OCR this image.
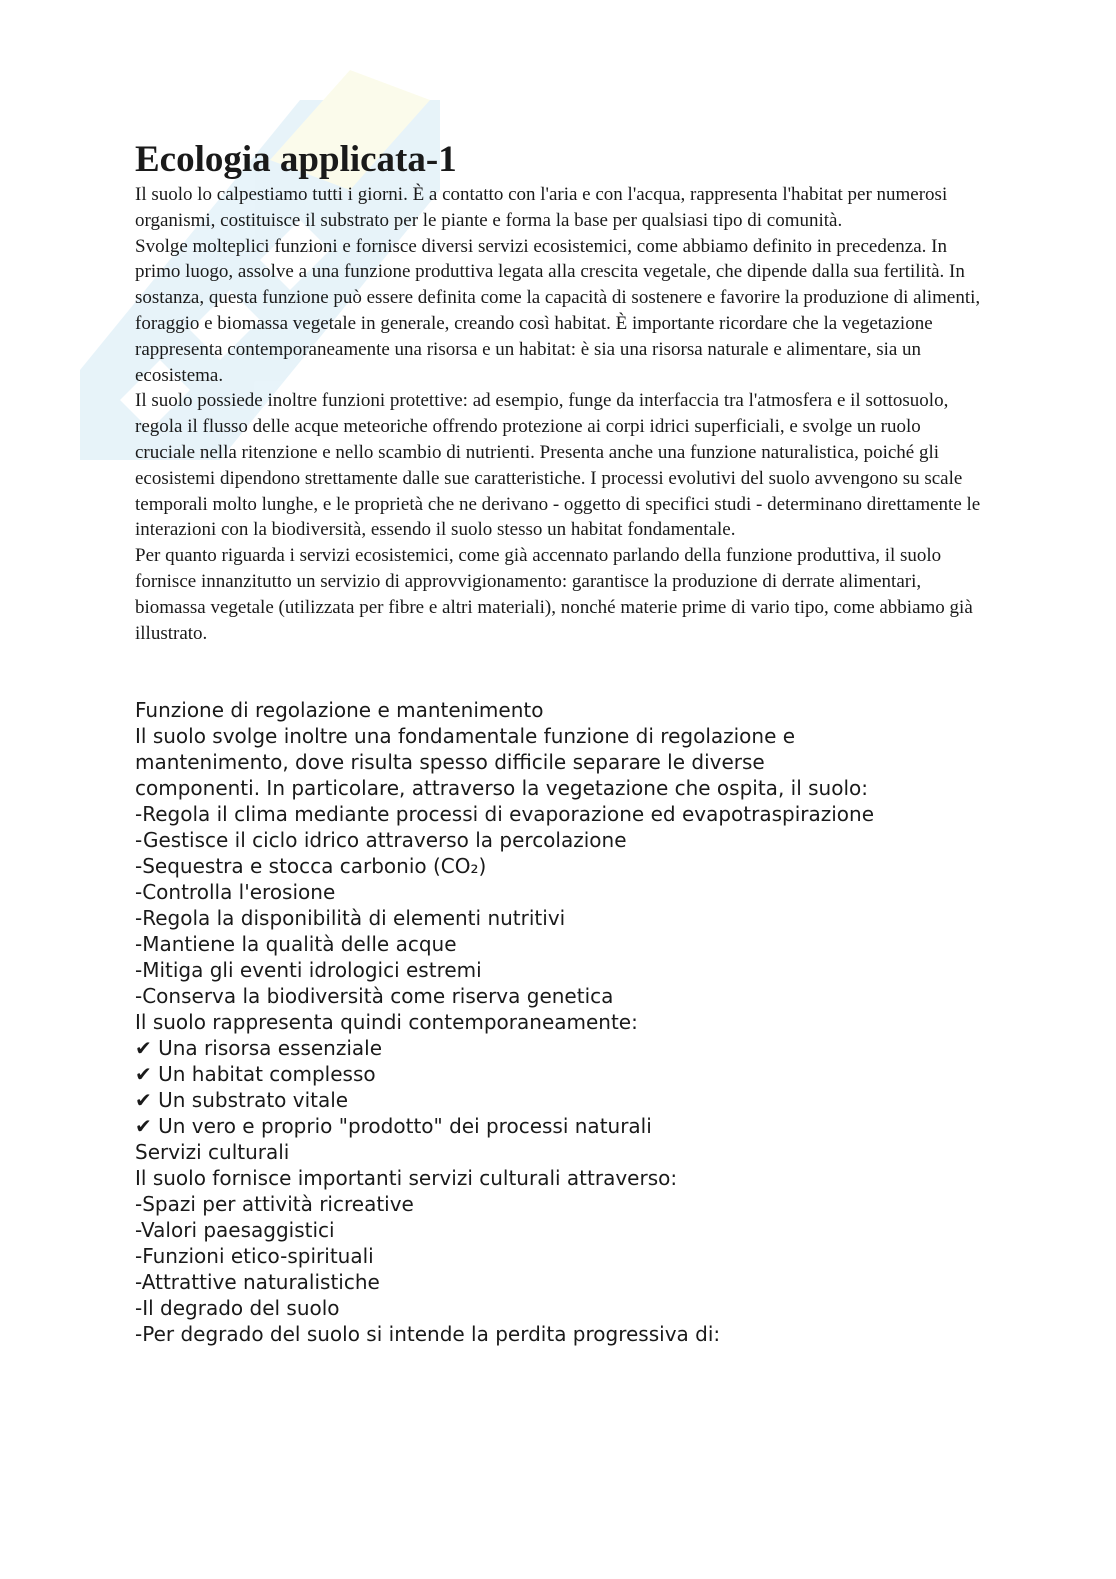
Ecologia applicata-1

Il suolo lo calpestiamo tutti i giorni. È a contatto con l'aria e con l'acqua, rappresenta l'habitat per numerosi organismi, costituisce il substrato per le piante e forma la base per qualsiasi tipo di comunità.

Svolge molteplici funzioni e fornisce diversi servizi ecosistemici, come abbiamo definito in precedenza. In primo luogo, assolve a una funzione produttiva legata alla crescita vegetale, che dipende dalla sua fertilità. In sostanza, questa funzione può essere definita come la capacità di sostenere e favorire la produzione di alimenti, foraggio e biomassa vegetale in generale, creando così habitat. È importante ricordare che la vegetazione rappresenta contemporaneamente una risorsa e un habitat: è sia una risorsa naturale e alimentare, sia un ecosistema.

Il suolo possiede inoltre funzioni protettive: ad esempio, funge da interfaccia tra l'atmosfera e il sottosuolo, regola il flusso delle acque meteoriche offrendo protezione ai corpi idrici superficiali, e svolge un ruolo cruciale nella ritenzione e nello scambio di nutrienti. Presenta anche una funzione naturalistica, poiché gli ecosistemi dipendono strettamente dalle sue caratteristiche. I processi evolutivi del suolo avvengono su scale temporali molto lunghe, e le proprietà che ne derivano - oggetto di specifici studi - determinano direttamente le interazioni con la biodiversità, essendo il suolo stesso un habitat fondamentale.

Per quanto riguarda i servizi ecosistemici, come già accennato parlando della funzione produttiva, il suolo fornisce innanzitutto un servizio di approvvigionamento: garantisce la produzione di derrate alimentari, biomassa vegetale (utilizzata per fibre e altri materiali), nonché materie prime di vario tipo, come abbiamo già illustrato.

Funzione di regolazione e mantenimento
Il suolo svolge inoltre una fondamentale funzione di regolazione e
mantenimento, dove risulta spesso difficile separare le diverse
componenti. In particolare, attraverso la vegetazione che ospita, il suolo:
-Regola il clima mediante processi di evaporazione ed evapotraspirazione
-Gestisce il ciclo idrico attraverso la percolazione
-Sequestra e stocca carbonio (CO₂)
-Controlla l'erosione
-Regola la disponibilità di elementi nutritivi
-Mantiene la qualità delle acque
-Mitiga gli eventi idrologici estremi
-Conserva la biodiversità come riserva genetica
Il suolo rappresenta quindi contemporaneamente:
✔ Una risorsa essenziale
✔ Un habitat complesso
✔ Un substrato vitale
✔ Un vero e proprio "prodotto" dei processi naturali
Servizi culturali
Il suolo fornisce importanti servizi culturali attraverso:
-Spazi per attività ricreative
-Valori paesaggistici
-Funzioni etico-spirituali
-Attrattive naturalistiche
-Il degrado del suolo
-Per degrado del suolo si intende la perdita progressiva di:
